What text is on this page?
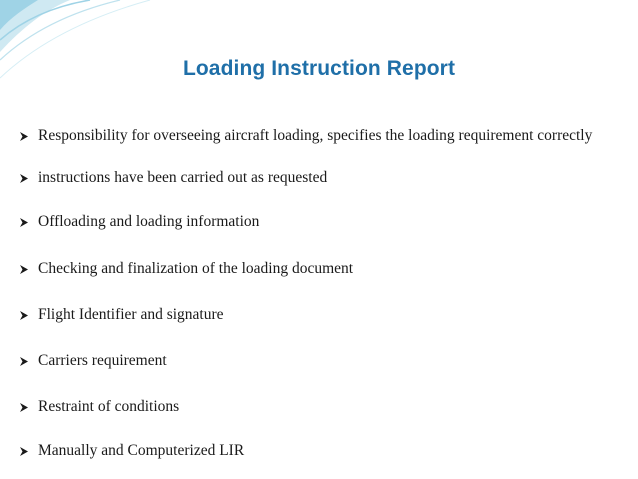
Loading Instruction Report
Responsibility for overseeing aircraft loading, specifies the loading requirement correctly
instructions have been carried out as requested
Offloading and loading information
Checking and finalization of the loading document
Flight Identifier and signature
Carriers requirement
Restraint of conditions
Manually and Computerized LIR
